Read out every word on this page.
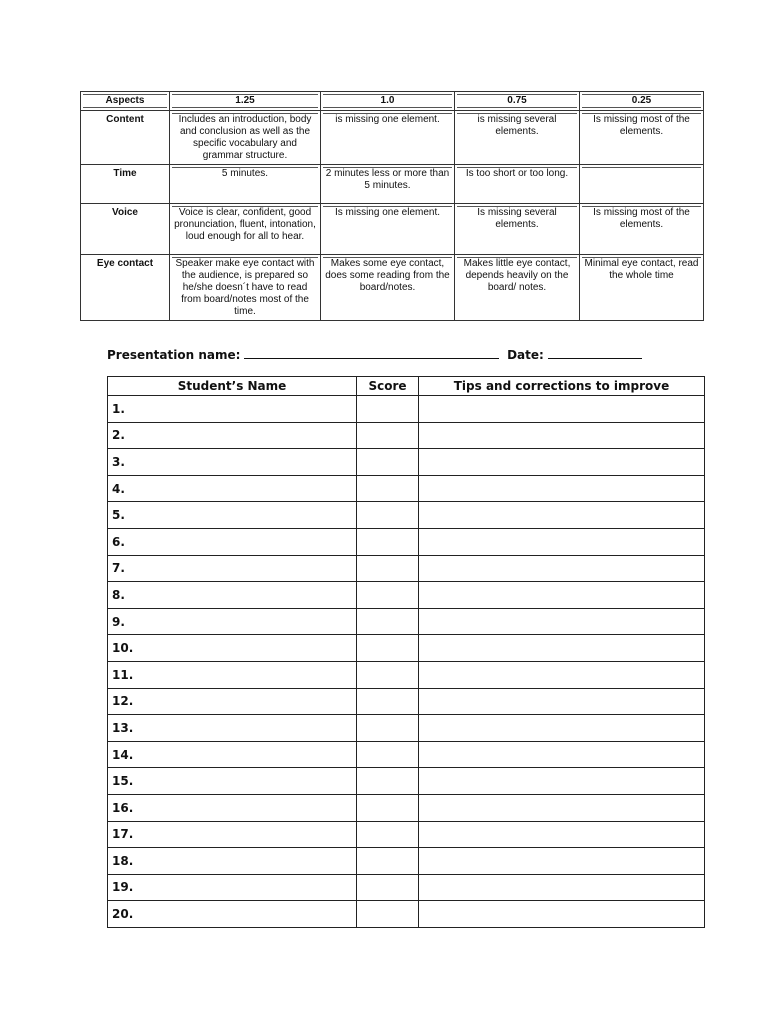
Aspects	1.25	1.0	0.75	0.25
Content	Includes an introduction, body and conclusion as well as the specific vocabulary and grammar structure.	is missing one element.	is missing several elements.	Is missing most of the elements.
Time	5 minutes.	2 minutes less or more than 5 minutes.	Is too short or too long.	
Voice	Voice is clear, confident, good pronunciation, fluent, intonation, loud enough for all to hear.	Is missing one element.	Is missing several elements.	Is missing most of the elements.
Eye contact	Speaker make eye contact with the audience, is prepared so he/she doesn´t have to read from board/notes most of the time.	Makes some eye contact, does some reading from the board/notes.	Makes little eye contact, depends heavily on the board/ notes.	Minimal eye contact, read the whole time
Presentation name:	Date:
Student’s Name	Score	Tips and corrections to improve
1.		
2.		
3.		
4.		
5.		
6.		
7.		
8.		
9.		
10.		
11.		
12.		
13.		
14.		
15.		
16.		
17.		
18.		
19.		
20.		
